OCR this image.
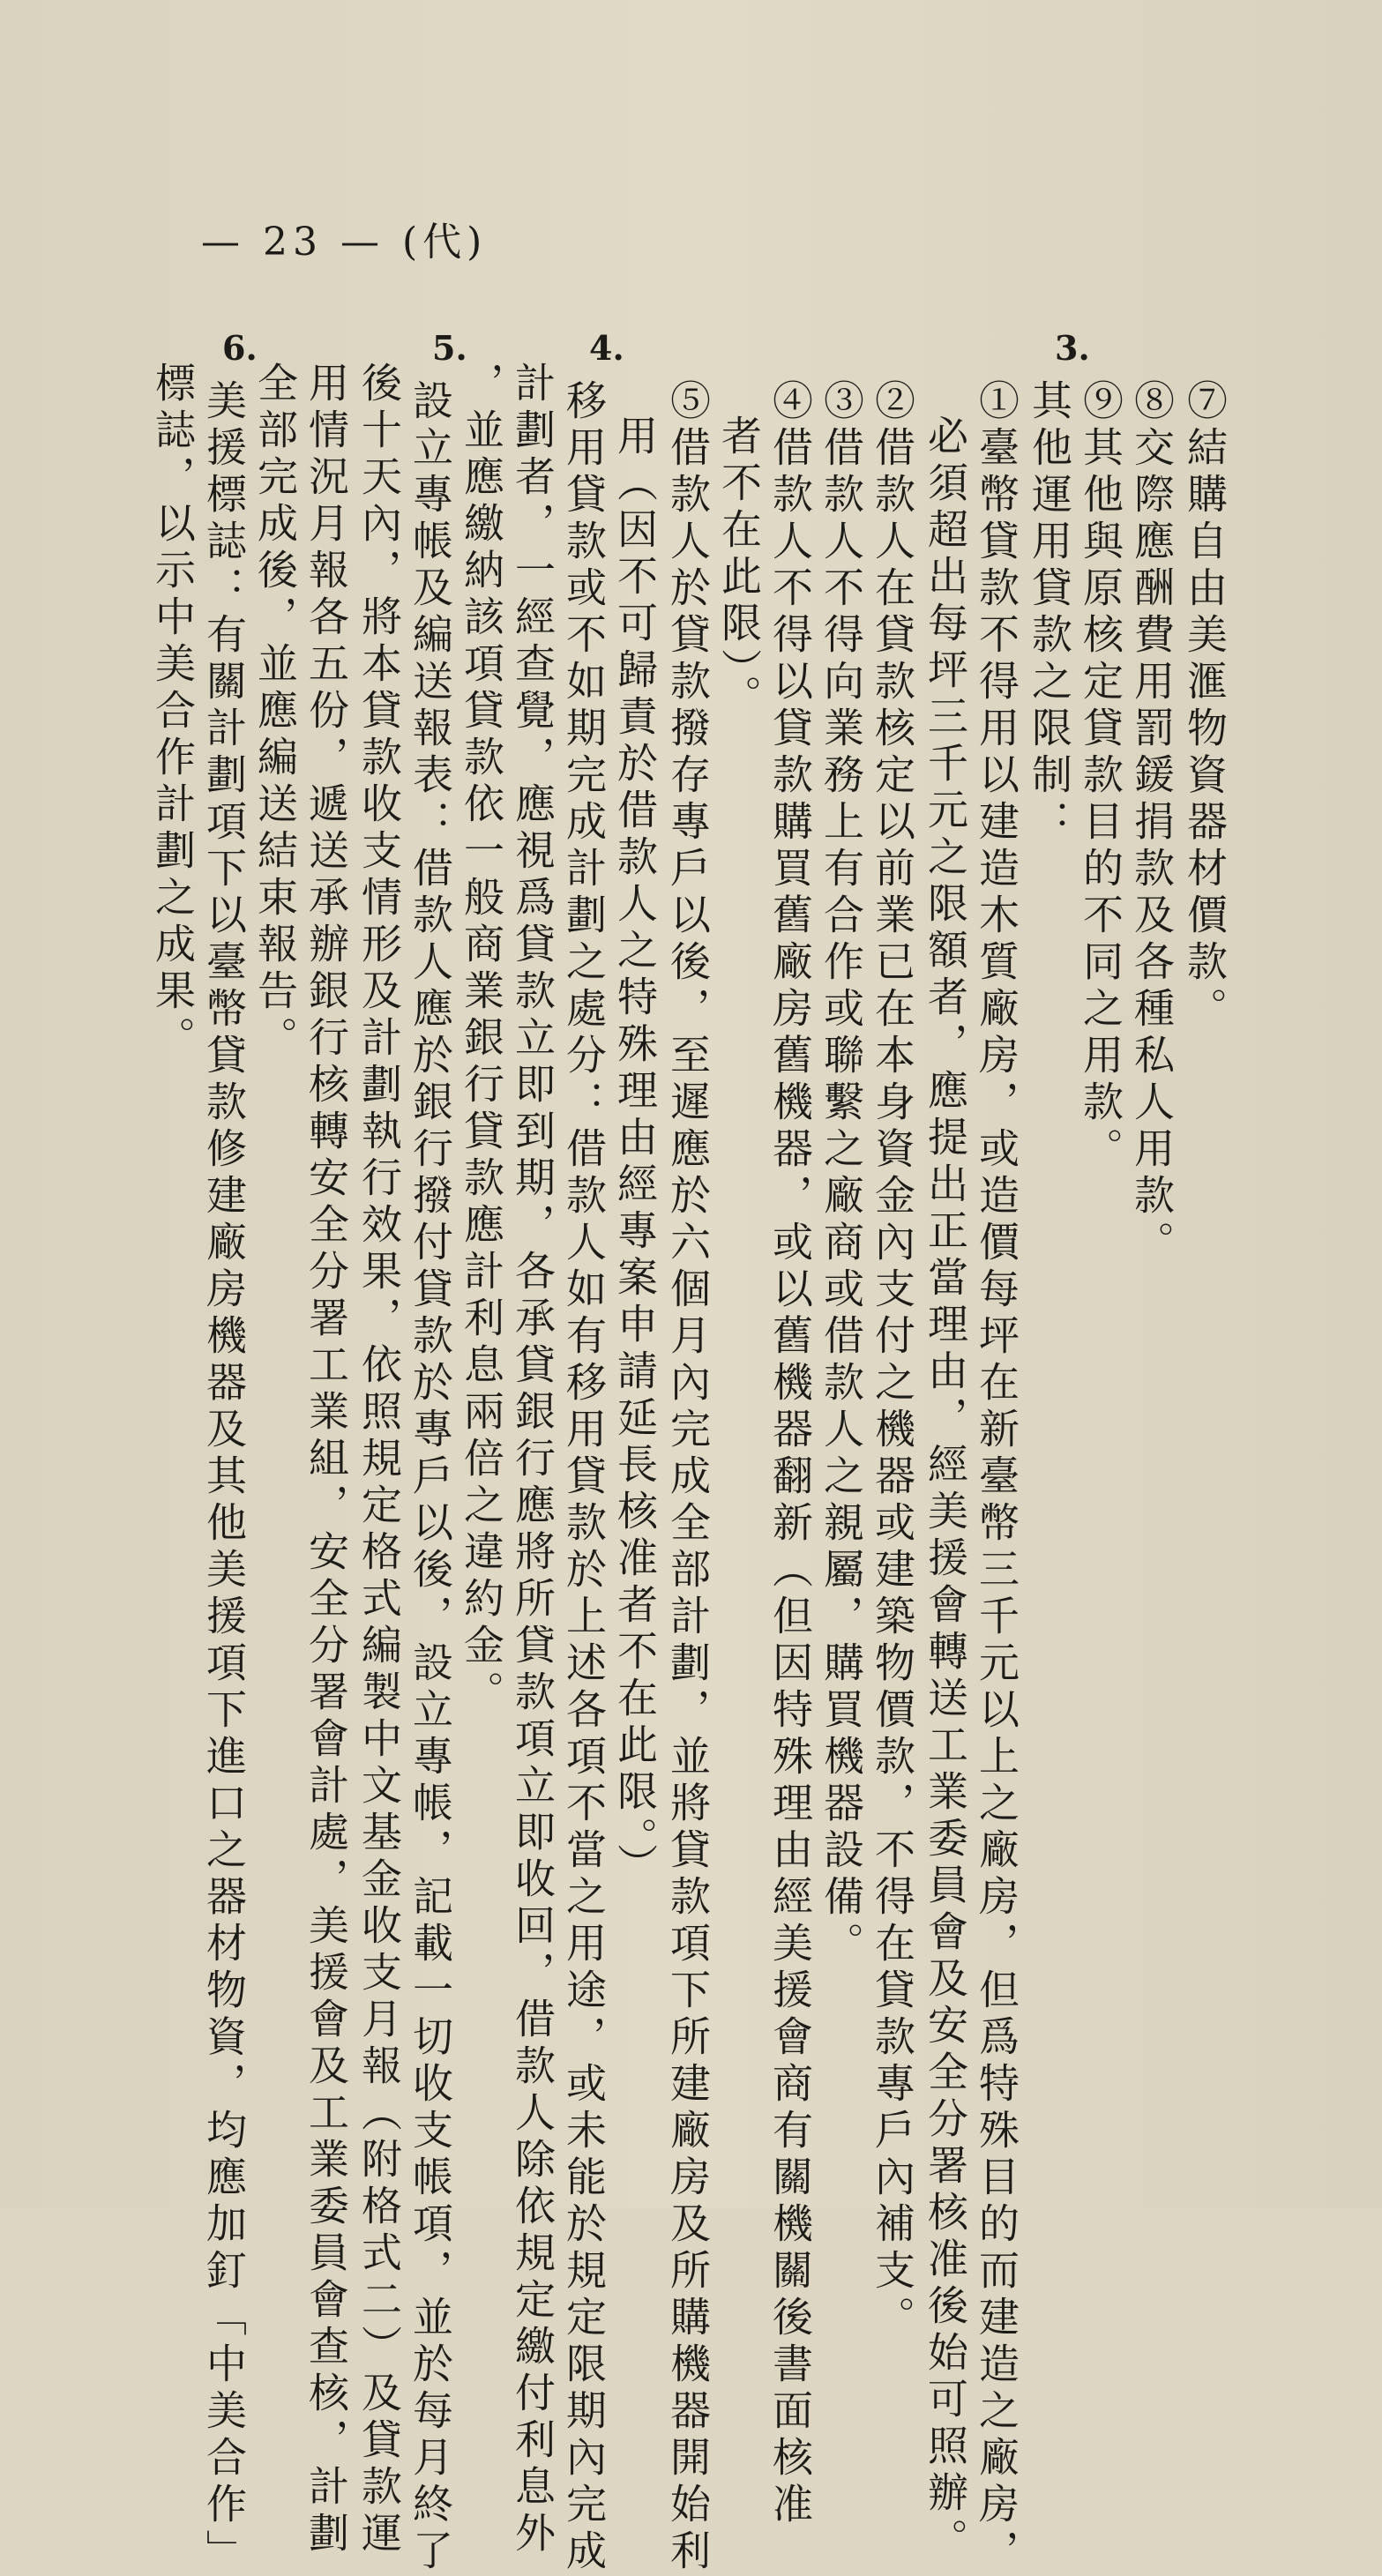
— 23 — (代)
3.
4.
5.
6.
⑦結購自由美滙物資器材價款。
⑧交際應酬費用罰鍰捐款及各種私人用款。
⑨其他與原核定貸款目的不同之用款。
其他運用貸款之限制：
①臺幣貸款不得用以建造木質廠房，或造價每坪在新臺幣三千元以上之廠房，但爲特殊目的而建造之廠房，
必須超出每坪三千元之限額者，應提出正當理由，經美援會轉送工業委員會及安全分署核准後始可照辦。
②借款人在貸款核定以前業已在本身資金內支付之機器或建築物價款，不得在貸款專戶內補支。
③借款人不得向業務上有合作或聯繫之廠商或借款人之親屬，購買機器設備。
④借款人不得以貸款購買舊廠房舊機器，或以舊機器翻新（但因特殊理由經美援會商有關機關後書面核准
者不在此限）。
⑤借款人於貸款撥存專戶以後，至遲應於六個月內完成全部計劃，並將貸款項下所建廠房及所購機器開始利
用（因不可歸責於借款人之特殊理由經專案申請延長核准者不在此限。）
移用貸款或不如期完成計劃之處分：借款人如有移用貸款於上述各項不當之用途，或未能於規定限期內完成
計劃者，一經查覺，應視爲貸款立即到期，各承貸銀行應將所貸款項立即收回，借款人除依規定繳付利息外
，並應繳納該項貸款依一般商業銀行貸款應計利息兩倍之違約金。
設立專帳及編送報表：借款人應於銀行撥付貸款於專戶以後，設立專帳，記載一切收支帳項，並於每月終了
後十天內，將本貸款收支情形及計劃執行效果，依照規定格式編製中文基金收支月報（附格式二）及貸款運
用情況月報各五份，遞送承辦銀行核轉安全分署工業組，安全分署會計處，美援會及工業委員會查核，計劃
全部完成後，並應編送結束報告。
美援標誌：有關計劃項下以臺幣貸款修建廠房機器及其他美援項下進口之器材物資，均應加釘「中美合作」
標誌，以示中美合作計劃之成果。
